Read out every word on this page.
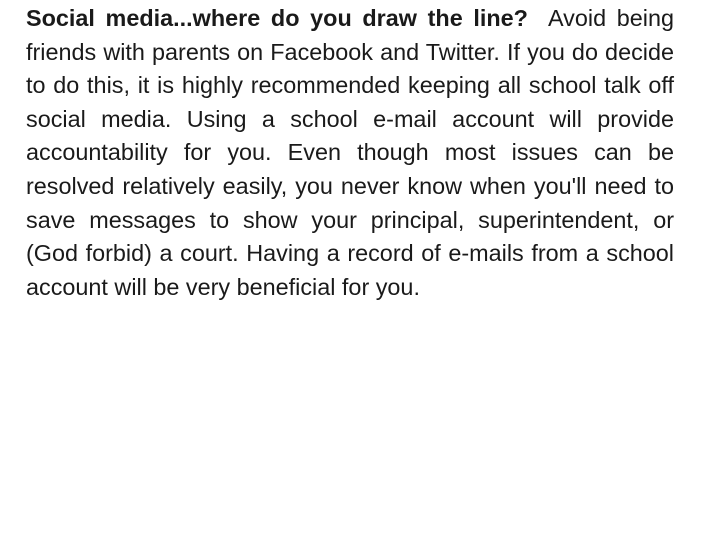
Social media...where do you draw the line? Avoid being friends with parents on Facebook and Twitter. If you do decide to do this, it is highly recommended keeping all school talk off social media. Using a school e-mail account will provide accountability for you. Even though most issues can be resolved relatively easily, you never know when you'll need to save messages to show your principal, superintendent, or (God forbid) a court. Having a record of e-mails from a school account will be very beneficial for you.
